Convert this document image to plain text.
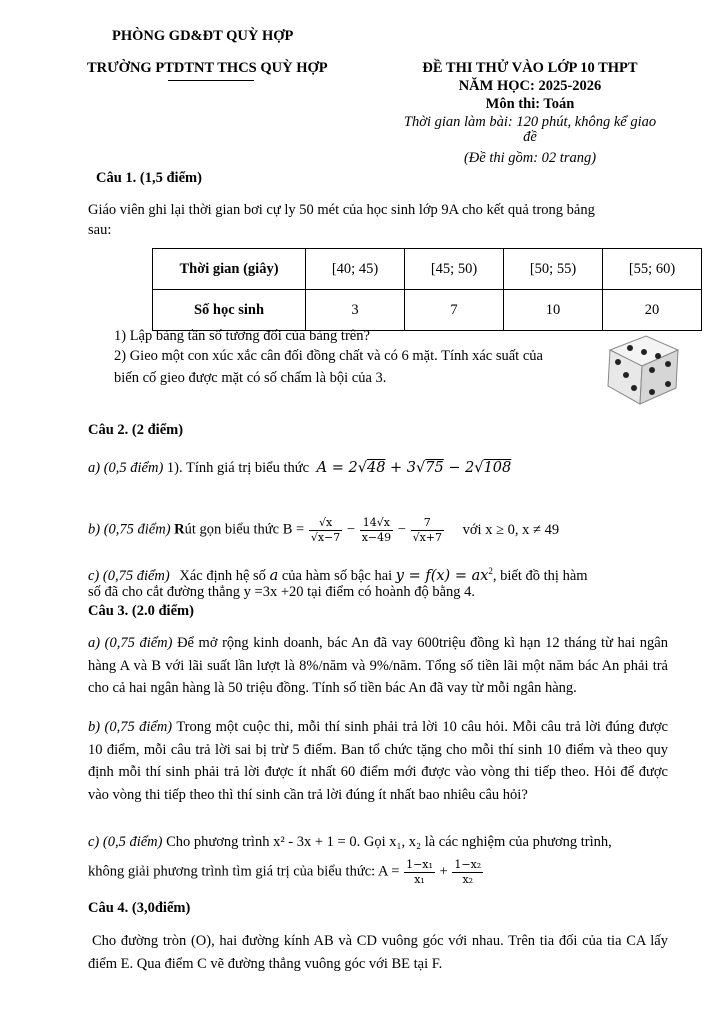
PHÒNG GD&ĐT QUỲ HỢP
TRƯỜNG PTDTNT THCS QUỲ HỢP	ĐỀ THI THỬ VÀO LỚP 10 THPT
NĂM HỌC: 2025-2026
Môn thi: Toán
Thời gian làm bài: 120 phút, không kể giao
đề
(Đề thi gồm: 02 trang)
Câu 1. (1,5 điểm)
Giáo viên ghi lại thời gian bơi cự ly 50 mét của học sinh lớp 9A cho kết quả trong bảng
sau:
Thời gian (giây)	[40; 45)	[45; 50)	[50; 55)	[55; 60)
Số học sinh	3	7	10	20
1) Lập bảng tần số tương đối của bảng trên?
2) Gieo một con xúc xắc cân đối đồng chất và có 6 mặt. Tính xác suất của
biến cố gieo được mặt có số chấm là bội của 3.
Câu 2. (2 điểm)
a) (0,5 điểm) 1). Tính giá trị biểu thức A = 2√48 + 3√75 − 2√108
b) (0,75 điểm) Rút gọn biểu thức $B = \frac{√x}{√x-7} - \frac{14√x}{x-49} - \frac{7}{√x+7}$ với x ≥ 0, x ≠ 49
c) (0,75 điểm) Xác định hệ số a của hàm số bậc hai $y = f(x) = ax^2$, biết đồ thị hàm
số đã cho cắt đường thẳng y =3x +20 tại điểm có hoành độ bằng 4.
Câu 3. (2.0 điểm)
a) (0,75 điểm) Để mở rộng kinh doanh, bác An đã vay 600triệu đồng kì hạn 12 tháng từ hai ngân hàng A và B với lãi suất lần lượt là 8%/năm và 9%/năm. Tổng số tiền lãi một năm bác An phải trả cho cả hai ngân hàng là 50 triệu đồng. Tính số tiền bác An đã vay từ mỗi ngân hàng.
b) (0,75 điểm) Trong một cuộc thi, mỗi thí sinh phải trả lời 10 câu hỏi. Mỗi câu trả lời đúng được 10 điểm, mỗi câu trả lời sai bị trừ 5 điểm. Ban tổ chức tặng cho mỗi thí sinh 10 điểm và theo quy định mỗi thí sinh phải trả lời được ít nhất 60 điểm mới được vào vòng thi tiếp theo. Hỏi để được vào vòng thi tiếp theo thì thí sinh cần trả lời đúng ít nhất bao nhiêu câu hỏi?
c) (0,5 điểm) Cho phương trình x² - 3x + 1 = 0. Gọi x₁, x₂ là các nghiệm của phương trình,
không giải phương trình tìm giá trị của biểu thức: $A = \frac{\text{1−x₁}}{\text{x₁}} + \frac{\text{1−x₂}}{\text{x₂}}$
Câu 4. (3,0điểm)
Cho đường tròn (O), hai đường kính AB và CD vuông góc với nhau. Trên tia đối của tia CA lấy điểm E. Qua điểm C vẽ đường thẳng vuông góc với BE tại F.
